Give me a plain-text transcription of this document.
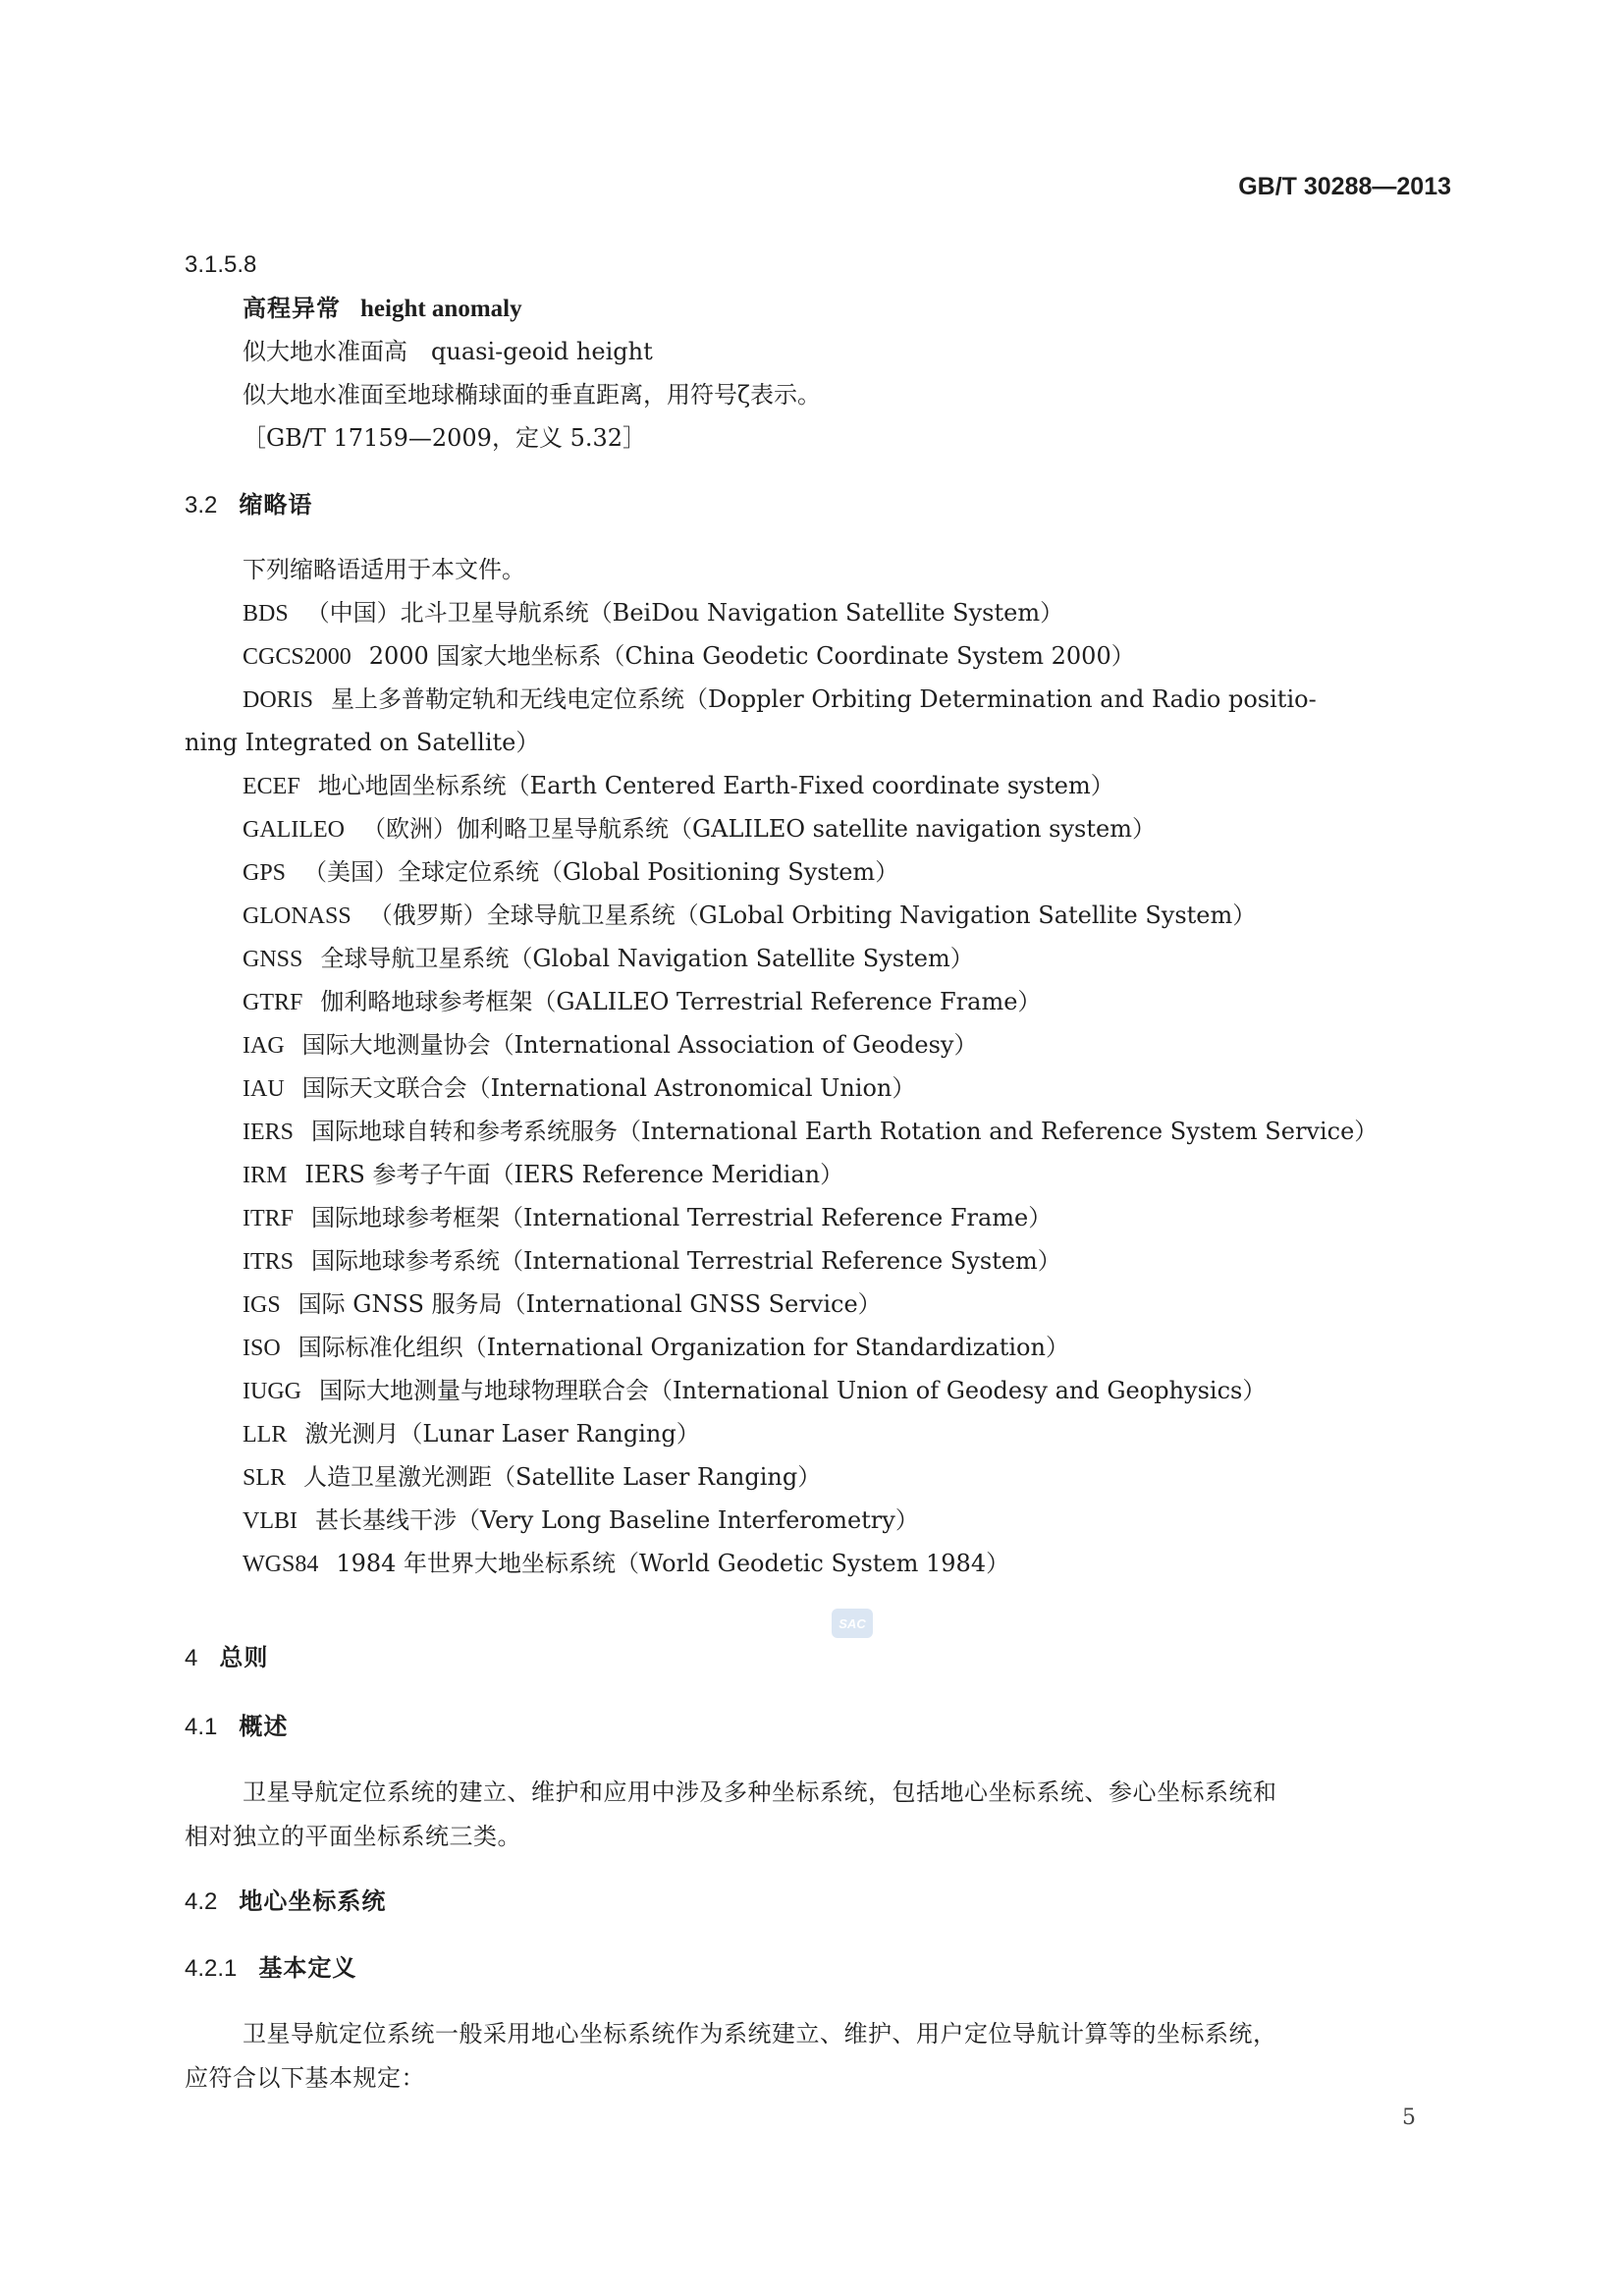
GB/T 30288—2013
3.1.5.8
高程异常 height anomaly
似大地水准面高　quasi-geoid height
似大地水准面至地球椭球面的垂直距离，用符号ζ表示。
［GB/T 17159—2009，定义 5.32］
3.2 缩略语
下列缩略语适用于本文件。
BDS （中国）北斗卫星导航系统（BeiDou Navigation Satellite System）
CGCS2000 2000 国家大地坐标系（China Geodetic Coordinate System 2000）
DORIS 星上多普勒定轨和无线电定位系统（Doppler Orbiting Determination and Radio positio-
ning Integrated on Satellite）
ECEF 地心地固坐标系统（Earth Centered Earth-Fixed coordinate system）
GALILEO （欧洲）伽利略卫星导航系统（GALILEO satellite navigation system）
GPS （美国）全球定位系统（Global Positioning System）
GLONASS （俄罗斯）全球导航卫星系统（GLobal Orbiting Navigation Satellite System）
GNSS 全球导航卫星系统（Global Navigation Satellite System）
GTRF 伽利略地球参考框架（GALILEO Terrestrial Reference Frame）
IAG 国际大地测量协会（International Association of Geodesy）
IAU 国际天文联合会（International Astronomical Union）
IERS 国际地球自转和参考系统服务（International Earth Rotation and Reference System Service）
IRM IERS 参考子午面（IERS Reference Meridian）
ITRF 国际地球参考框架（International Terrestrial Reference Frame）
ITRS 国际地球参考系统（International Terrestrial Reference System）
IGS 国际 GNSS 服务局（International GNSS Service）
ISO 国际标准化组织（International Organization for Standardization）
IUGG 国际大地测量与地球物理联合会（International Union of Geodesy and Geophysics）
LLR 激光测月（Lunar Laser Ranging）
SLR 人造卫星激光测距（Satellite Laser Ranging）
VLBI 甚长基线干涉（Very Long Baseline Interferometry）
WGS84 1984 年世界大地坐标系统（World Geodetic System 1984）
SAC
4 总则
4.1 概述
卫星导航定位系统的建立、维护和应用中涉及多种坐标系统，包括地心坐标系统、参心坐标系统和
相对独立的平面坐标系统三类。
4.2 地心坐标系统
4.2.1 基本定义
卫星导航定位系统一般采用地心坐标系统作为系统建立、维护、用户定位导航计算等的坐标系统，
应符合以下基本规定：
5
